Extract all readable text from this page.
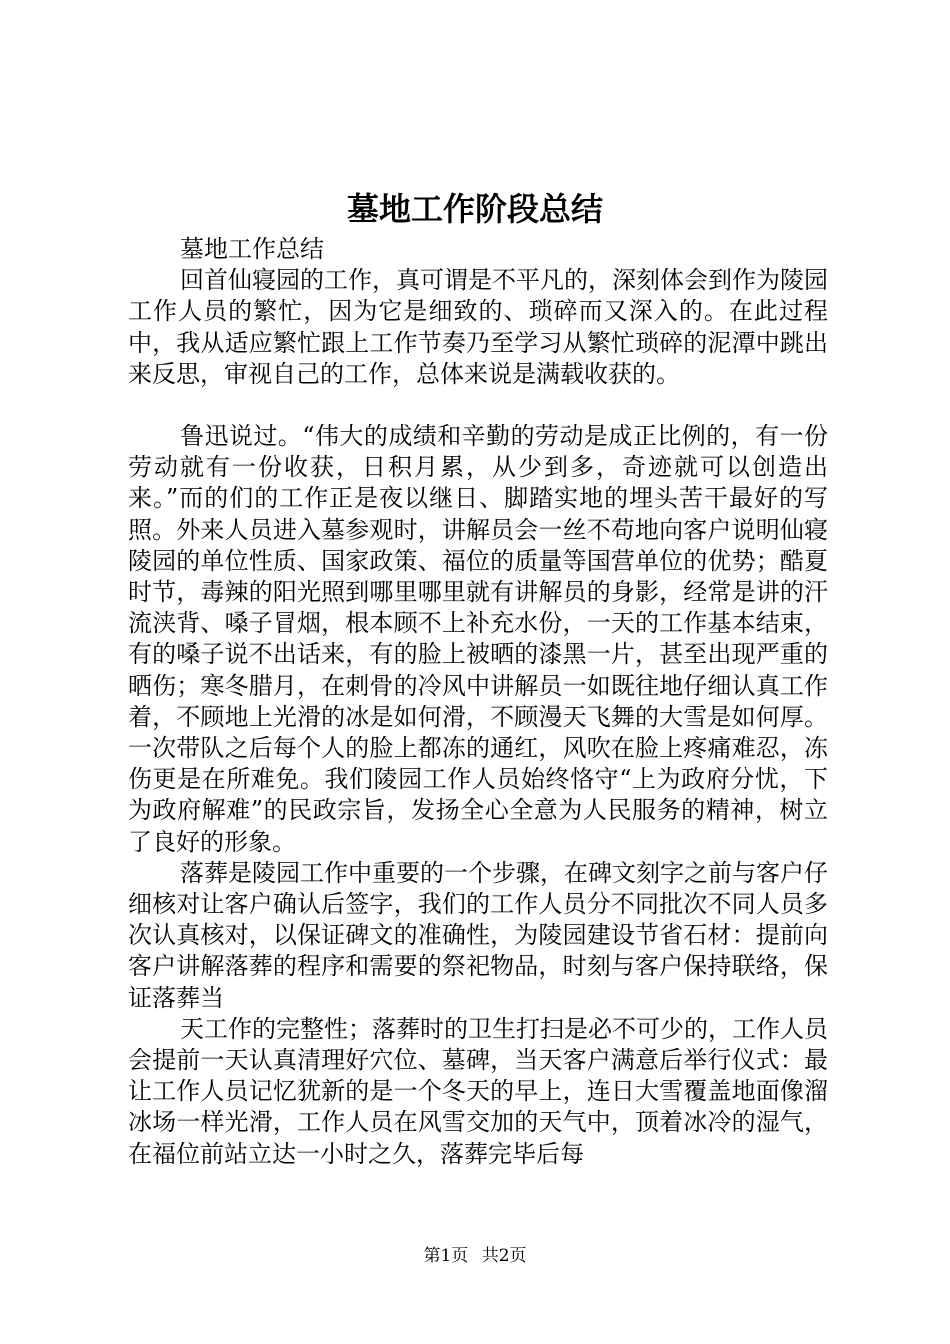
墓地工作阶段总结

墓地工作总结

回首仙寝园的工作，真可谓是不平凡的，深刻体会到作为陵园工作人员的繁忙，因为它是细致的、琐碎而又深入的。在此过程中，我从适应繁忙跟上工作节奏乃至学习从繁忙琐碎的泥潭中跳出来反思，审视自己的工作，总体来说是满载收获的。

鲁迅说过。“伟大的成绩和辛勤的劳动是成正比例的，有一份劳动就有一份收获，日积月累，从少到多，奇迹就可以创造出来。”而的们的工作正是夜以继日、脚踏实地的埋头苦干最好的写照。外来人员进入墓参观时，讲解员会一丝不苟地向客户说明仙寝陵园的单位性质、国家政策、福位的质量等国营单位的优势；酷夏时节，毒辣的阳光照到哪里哪里就有讲解员的身影，经常是讲的汗流浃背、嗓子冒烟，根本顾不上补充水份，一天的工作基本结束，有的嗓子说不出话来，有的脸上被晒的漆黑一片，甚至出现严重的晒伤；寒冬腊月，在刺骨的冷风中讲解员一如既往地仔细认真工作着，不顾地上光滑的冰是如何滑，不顾漫天飞舞的大雪是如何厚。一次带队之后每个人的脸上都冻的通红，风吹在脸上疼痛难忍，冻伤更是在所难免。我们陵园工作人员始终恪守“上为政府分忧，下为政府解难”的民政宗旨，发扬全心全意为人民服务的精神，树立了良好的形象。

落葬是陵园工作中重要的一个步骤，在碑文刻字之前与客户仔细核对让客户确认后签字，我们的工作人员分不同批次不同人员多次认真核对，以保证碑文的准确性，为陵园建设节省石材：提前向客户讲解落葬的程序和需要的祭祀物品，时刻与客户保持联络，保证落葬当

天工作的完整性；落葬时的卫生打扫是必不可少的，工作人员会提前一天认真清理好穴位、墓碑，当天客户满意后举行仪式：最让工作人员记忆犹新的是一个冬天的早上，连日大雪覆盖地面像溜冰场一样光滑，工作人员在风雪交加的天气中，顶着冰冷的湿气，在福位前站立达一小时之久，落葬完毕后每

第1页 共2页
